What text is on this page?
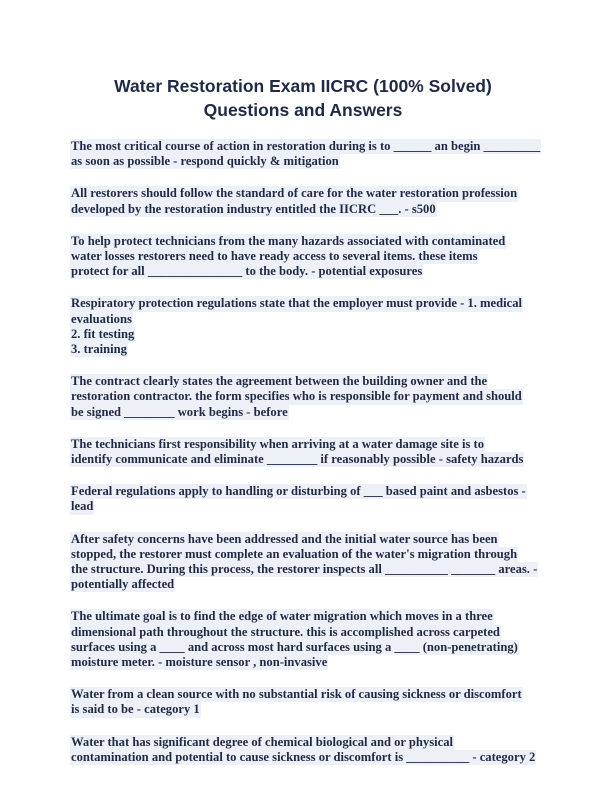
Water Restoration Exam IICRC (100% Solved)
Questions and Answers
The most critical course of action in restoration during is to ______ an begin _________
as soon as possible - respond quickly & mitigation
All restorers should follow the standard of care for the water restoration profession
developed by the restoration industry entitled the IICRC ___. - s500
To help protect technicians from the many hazards associated with contaminated
water losses restorers need to have ready access to several items. these items
protect for all _______________ to the body. - potential exposures
Respiratory protection regulations state that the employer must provide - 1. medical
evaluations
2. fit testing
3. training
The contract clearly states the agreement between the building owner and the
restoration contractor. the form specifies who is responsible for payment and should
be signed ________ work begins - before
The technicians first responsibility when arriving at a water damage site is to
identify communicate and eliminate ________ if reasonably possible - safety hazards
Federal regulations apply to handling or disturbing of ___ based paint and asbestos -
lead
After safety concerns have been addressed and the initial water source has been
stopped, the restorer must complete an evaluation of the water's migration through
the structure. During this process, the restorer inspects all __________ _______ areas. -
potentially affected
The ultimate goal is to find the edge of water migration which moves in a three
dimensional path throughout the structure. this is accomplished across carpeted
surfaces using a ____ and across most hard surfaces using a ____ (non-penetrating)
moisture meter. - moisture sensor , non-invasive
Water from a clean source with no substantial risk of causing sickness or discomfort
is said to be - category 1
Water that has significant degree of chemical biological and or physical
contamination and potential to cause sickness or discomfort is __________ - category 2
